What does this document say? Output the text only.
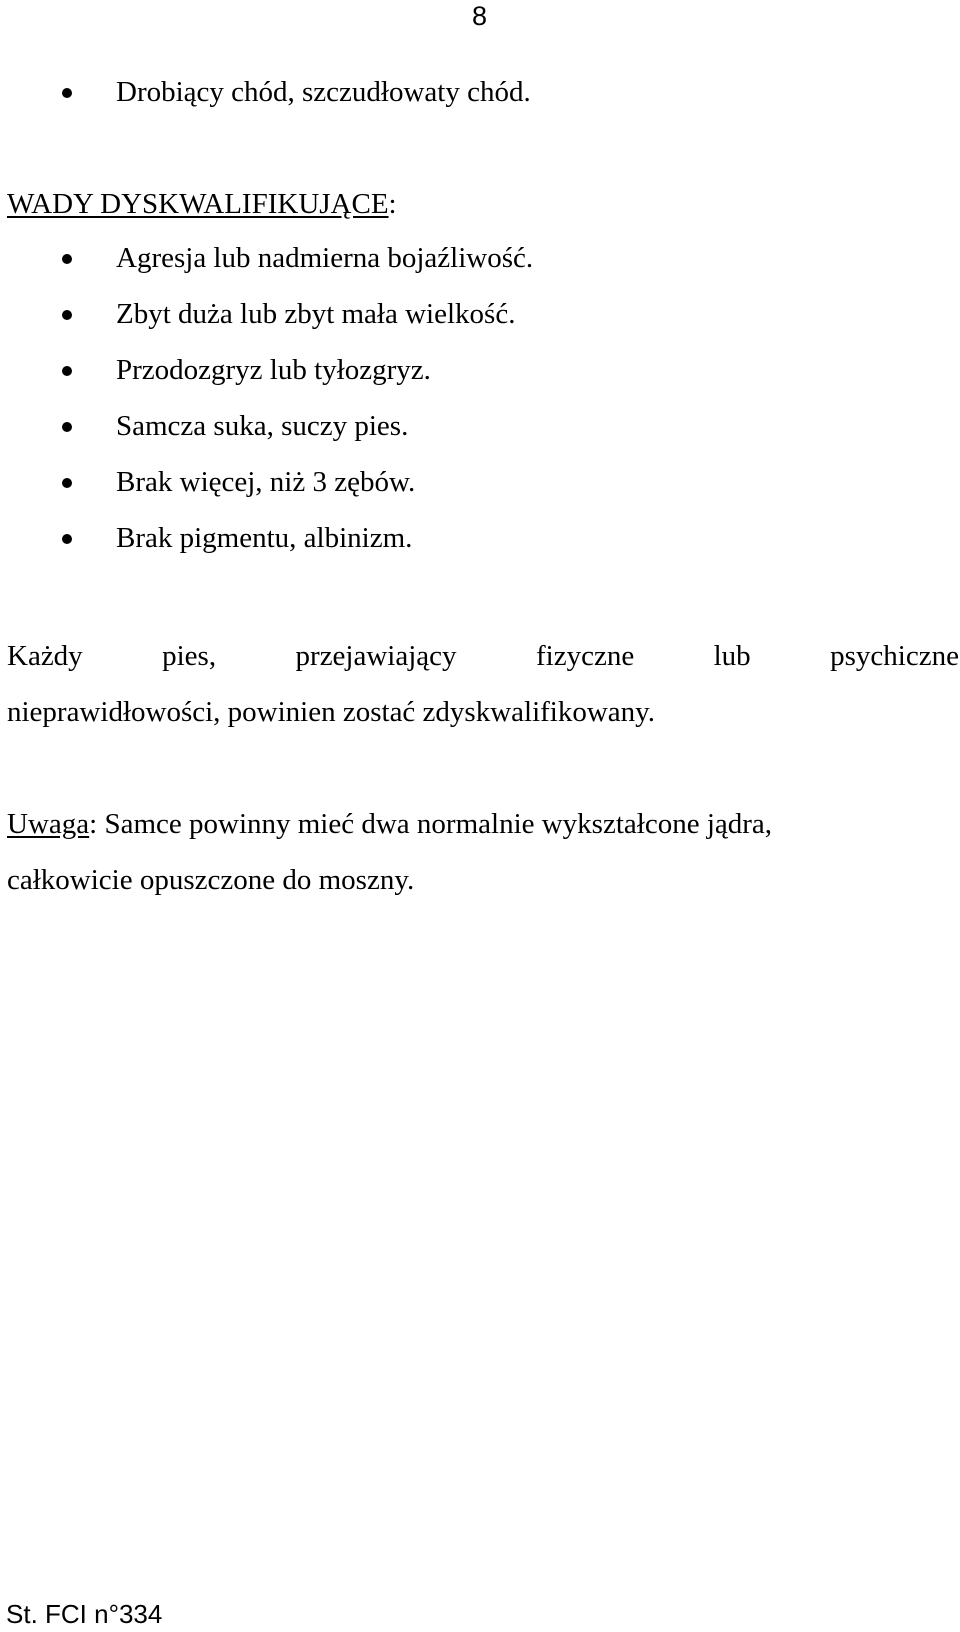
8
Drobiący chód, szczudłowaty chód.
WADY DYSKWALIFIKUJĄCE:
Agresja lub nadmierna bojaźliwość.
Zbyt duża lub zbyt mała wielkość.
Przodozgryz lub tyłozgryz.
Samcza suka, suczy pies.
Brak więcej, niż 3 zębów.
Brak pigmentu, albinizm.
Każdy	pies,	przejawiający	fizyczne	lub	psychiczne
nieprawidłowości, powinien zostać zdyskwalifikowany.
Uwaga: Samce powinny mieć dwa normalnie wykształcone jądra,
całkowicie opuszczone do moszny.
St. FCI n°334
